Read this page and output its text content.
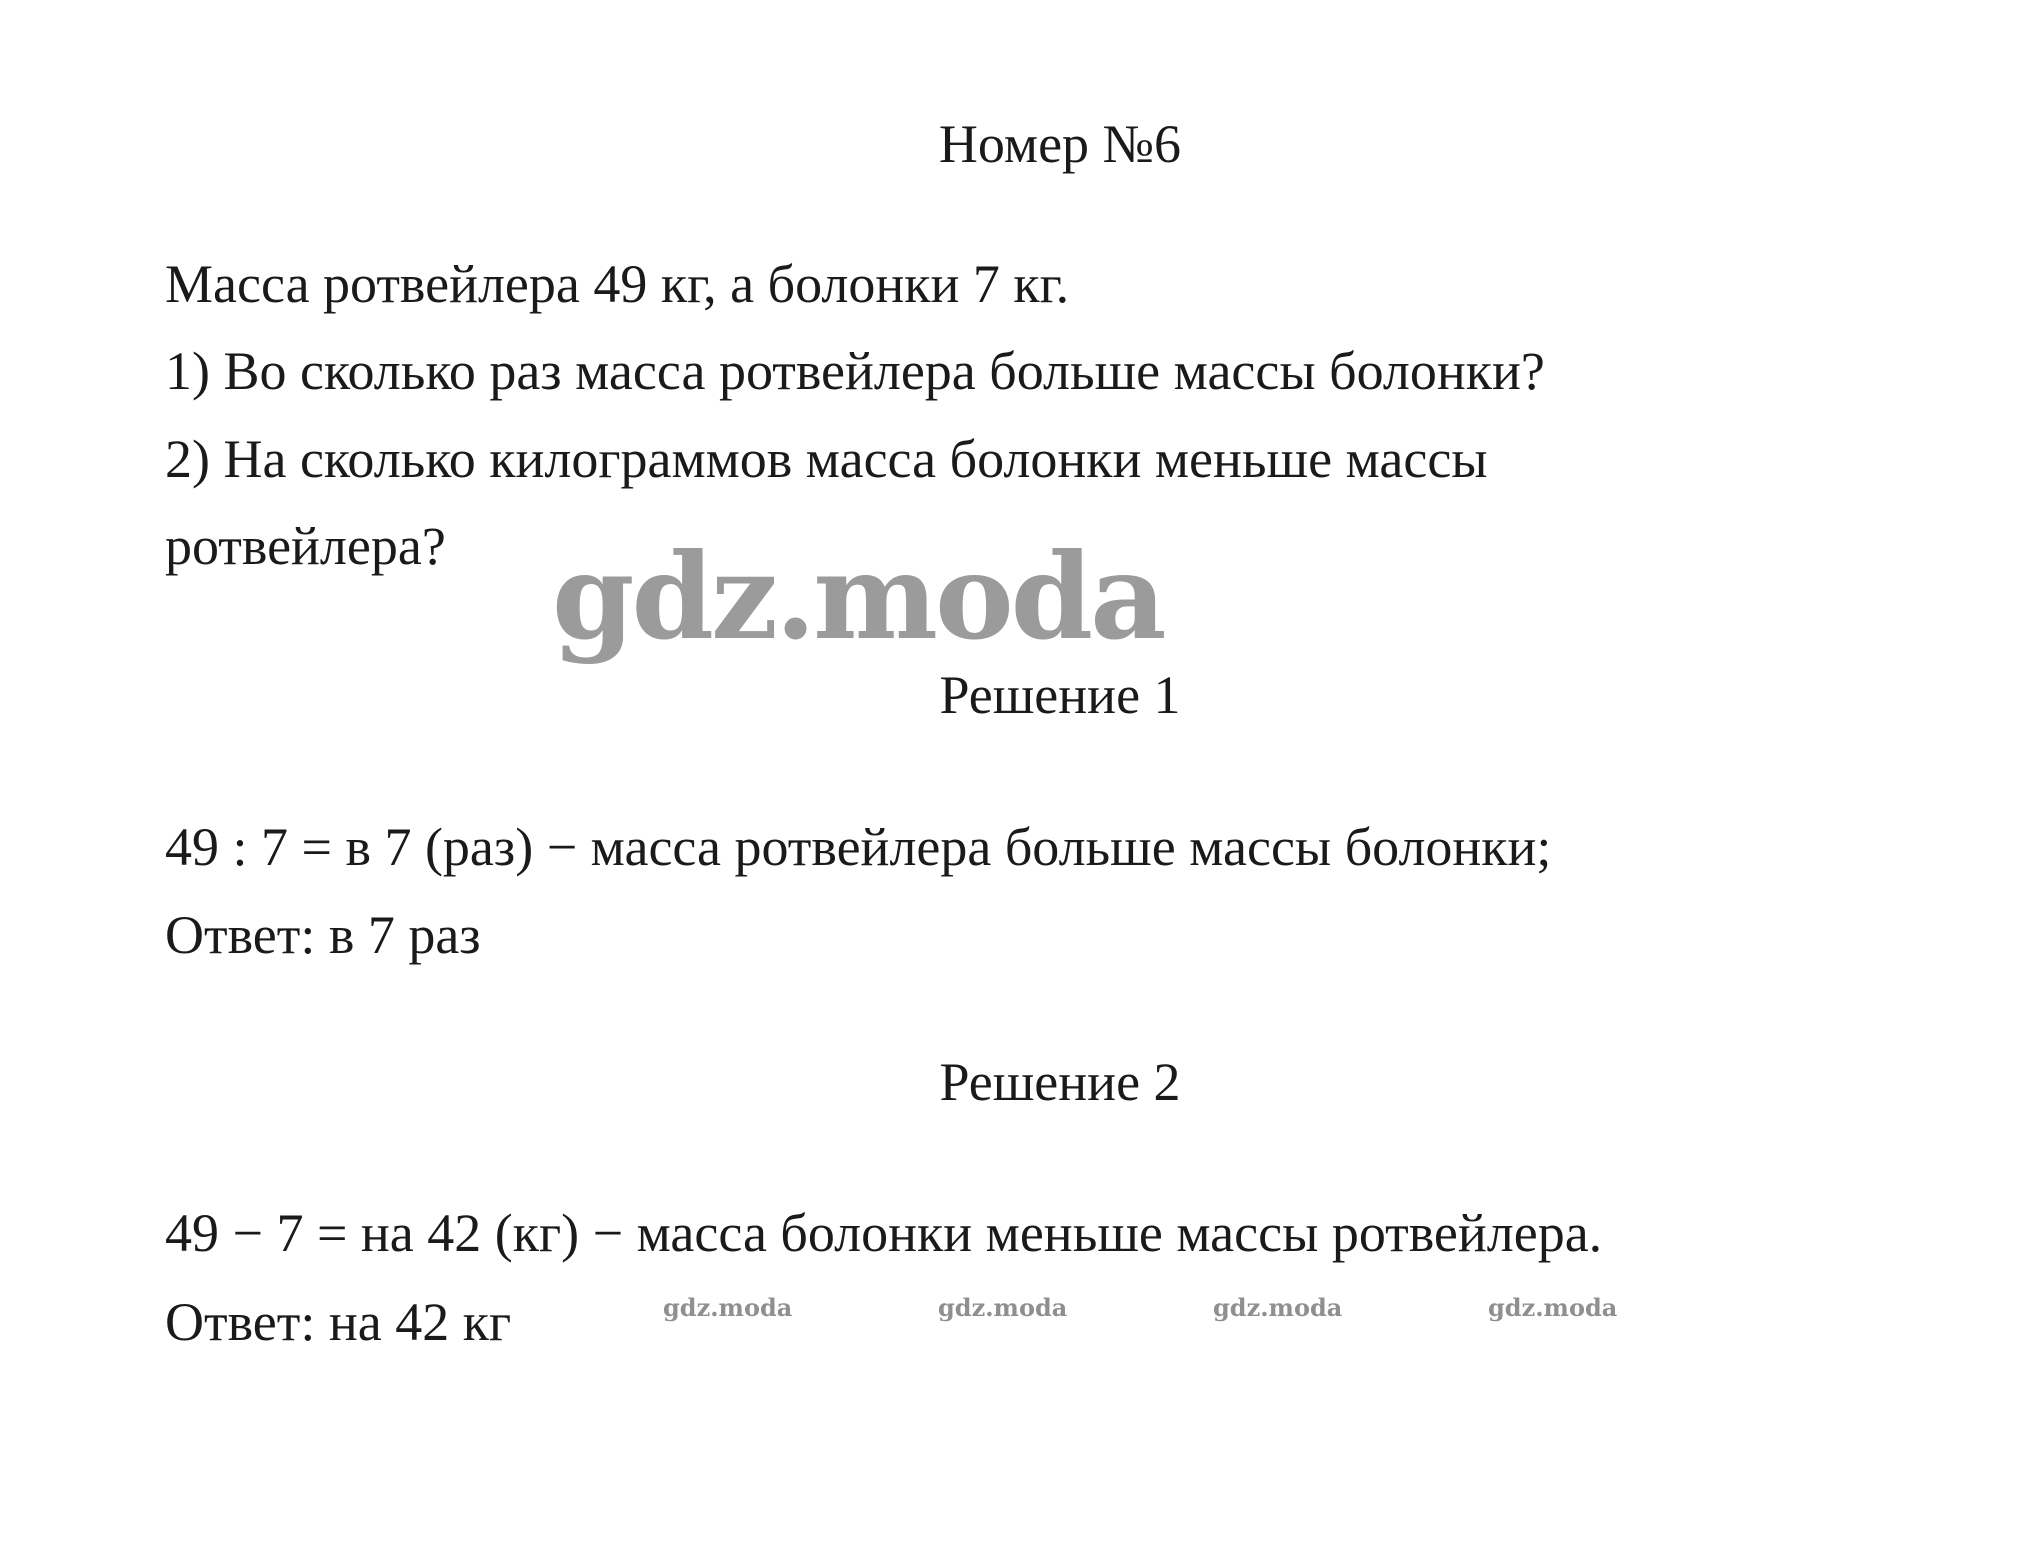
Номер №6
Масса ротвейлера 49 кг, а болонки 7 кг.
1) Во сколько раз масса ротвейлера больше массы болонки?
2) На сколько килограммов масса болонки меньше массы
ротвейлера? gdz.moda
Решение 1
49 : 7 = в 7 (раз) − масса ротвейлера больше массы болонки;
Ответ: в 7 раз
Решение 2
49 − 7 = на 42 (кг) − масса болонки меньше массы ротвейлера.
Ответ: на 42 кг	gdz.moda	gdz.moda	gdz.moda	gdz.moda
